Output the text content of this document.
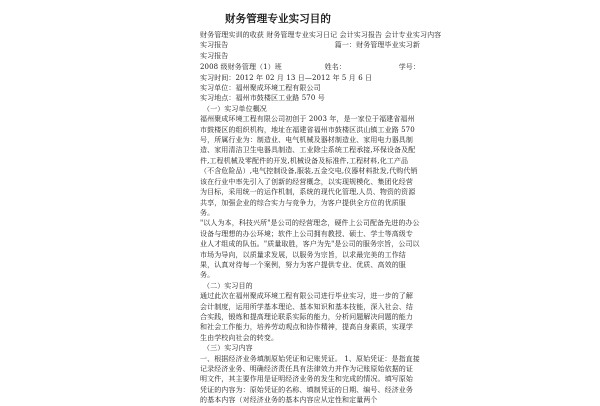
财务管理专业实习目的
财务管理实训的收获 财务管理专业实习日记 会计实习报告 会计专业实习内容
实习报告	篇一：财务管理毕业实习新
实习报告
2008 级财务管理（1）班	姓名：	学号：
实习时间：2012 年 02 月 13 日—2012 年 5 月 6 日
实习单位：福州聚成环境工程有限公司
实习地点：福州市鼓楼区工业路 570 号
（一）实习单位概况
福州聚成环境工程有限公司初创于 2003 年，是一家位于福建省福州市鼓楼区的组织机构，地址在福建省福州市鼓楼区洪山镇工业路 570 号，所属行业为：制造业、电气机械及器材制造业、家用电力器具制造、家用清洁卫生电器具制造、工业除尘系统工程承接,环保设备及配件,工程机械及零配件的开发,机械设备及标准件,工程材料,化工产品（不含危险品）,电气控制设备,服装,五金交电,仪器材料批发,代购代销
该在行业中率先引入了创新的经营概念，以实现规模化、集团化经营为目标，采用统一的运作机制，系统的现代化管理,人员、物资的资源共享，加强企业的综合实力与竞争力，为客户提供全方位的优质服务。
"以人为本，科技兴所"是公司的经营理念，硬件上公司配备先进的办公设备与理想的办公环境；软件上公司拥有教授、硕士、学士等高级专业人才组成的队伍。"质量取胜，客户为先"是公司的服务宗旨，公司以市场为导向，以质量求发展，以服务为宗旨，以求最完美的工作结果，认真对待每一个案例，努力为客户提供专业、优质、高效的服务。
（二）实习目的
通过此次在福州聚成环境工程有限公司进行毕业实习，进一步的了解会计制度，运用所学基本理论、基本知识和基本技能，深入社会、结合实践，锻炼和提高理论联系实际的能力，分析问题解决问题的能力和社会工作能力，培养劳动观点和协作精神，提高自身素质，实现学生由学校向社会的转变。
（三）实习内容
一、根据经济业务填制原始凭证和记账凭证。 1、原始凭证：是指直接记录经济业务、明确经济责任具有法律效力并作为记账原始依据的证明文件，其主要作用是证明经济业务的发生和完成的情况。填写原始凭证的内容为：原始凭证的名称、填制凭证的日期、编号、经济业务的基本内容（对经济业务的基本内容应从定性和定量两个
